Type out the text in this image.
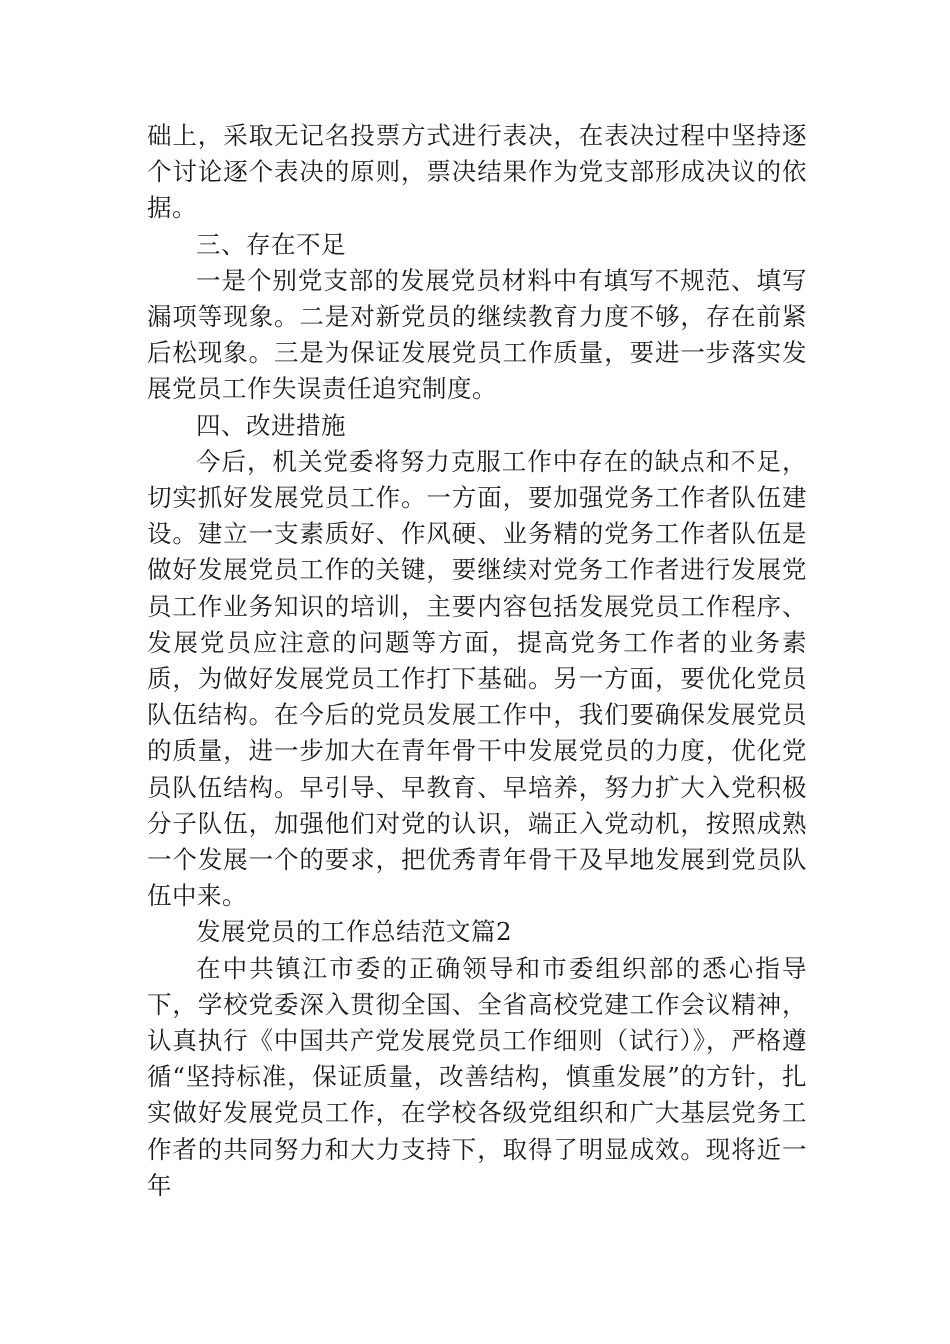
础上，采取无记名投票方式进行表决，在表决过程中坚持逐个讨论逐个表决的原则，票决结果作为党支部形成决议的依据。

三、存在不足

一是个别党支部的发展党员材料中有填写不规范、填写漏项等现象。二是对新党员的继续教育力度不够，存在前紧后松现象。三是为保证发展党员工作质量，要进一步落实发展党员工作失误责任追究制度。

四、改进措施

今后，机关党委将努力克服工作中存在的缺点和不足，切实抓好发展党员工作。一方面，要加强党务工作者队伍建设。建立一支素质好、作风硬、业务精的党务工作者队伍是做好发展党员工作的关键，要继续对党务工作者进行发展党员工作业务知识的培训，主要内容包括发展党员工作程序、发展党员应注意的问题等方面，提高党务工作者的业务素质，为做好发展党员工作打下基础。另一方面，要优化党员队伍结构。在今后的党员发展工作中，我们要确保发展党员的质量，进一步加大在青年骨干中发展党员的力度，优化党员队伍结构。早引导、早教育、早培养，努力扩大入党积极分子队伍，加强他们对党的认识，端正入党动机，按照成熟一个发展一个的要求，把优秀青年骨干及早地发展到党员队伍中来。

发展党员的工作总结范文篇2

在中共镇江市委的正确领导和市委组织部的悉心指导下，学校党委深入贯彻全国、全省高校党建工作会议精神，认真执行《中国共产党发展党员工作细则（试行）》，严格遵循“坚持标准，保证质量，改善结构，慎重发展”的方针，扎实做好发展党员工作，在学校各级党组织和广大基层党务工作者的共同努力和大力支持下，取得了明显成效。现将近一年
